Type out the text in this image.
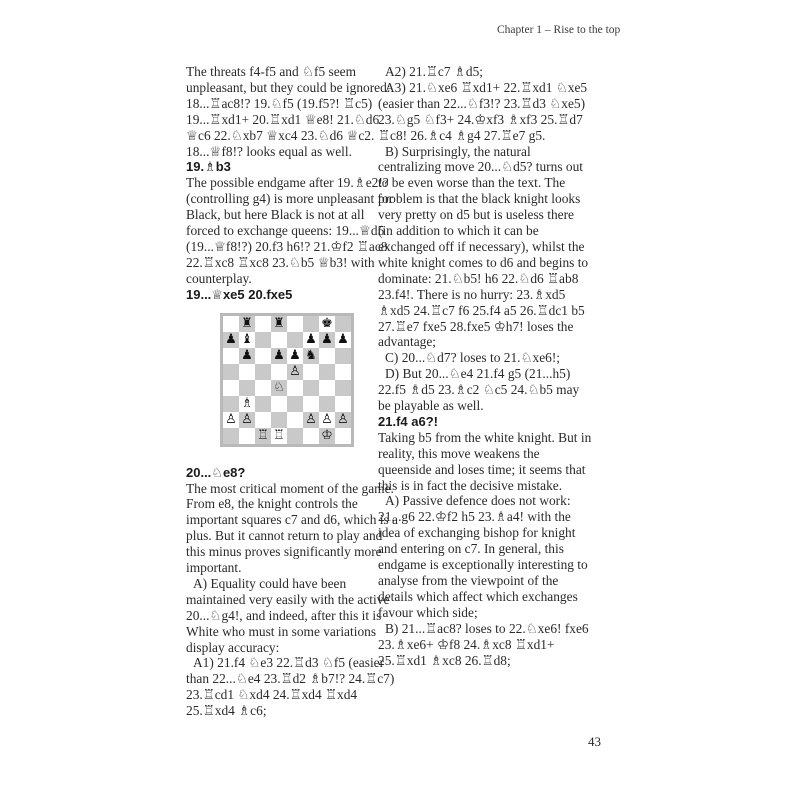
Chapter 1 – Rise to the top

The threats f4-f5 and ♘f5 seem unpleasant, but they could be ignored: 18...♖ac8!? 19.♘f5 (19.f5?! ♖c5) 19...♖xd1+ 20.♖xd1 ♕e8! 21.♘d6 ♕c6 22.♘xb7 ♕xc4 23.♘d6 ♕c2. 18...♕f8!? looks equal as well.

19.♗b3

The possible endgame after 19.♗e2!? (controlling g4) is more unpleasant for Black, but here Black is not at all forced to exchange queens: 19...♕d5 (19...♕f8!?) 20.f3 h6!? 21.♔f2 ♖ac8 22.♖xc8 ♖xc8 23.♘b5 ♕b3! with counterplay.

19...♕xe5 20.fxe5

♜ ♜	♚
♟ ♝	♟ ♟ ♟
♟ ♟ ♟ ♞
♙
♘
♗
♙ ♙	♙ ♙ ♙
♖ ♖	♔

20...♘e8?

The most critical moment of the game. From e8, the knight controls the important squares c7 and d6, which is a plus. But it cannot return to play and this minus proves significantly more important.

A) Equality could have been maintained very easily with the active 20...♘g4!, and indeed, after this it is White who must in some variations display accuracy:

A1) 21.f4 ♘e3 22.♖d3 ♘f5 (easier than 22...♘e4 23.♖d2 ♗b7!? 24.♖c7) 23.♖cd1 ♘xd4 24.♖xd4 ♖xd4 25.♖xd4 ♗c6;

A2) 21.♖c7 ♗d5;

A3) 21.♘xe6 ♖xd1+ 22.♖xd1 ♘xe5 (easier than 22...♘f3!? 23.♖d3 ♘xe5) 23.♘g5 ♘f3+ 24.♔xf3 ♗xf3 25.♖d7 ♖c8! 26.♗c4 ♗g4 27.♖e7 g5.

B) Surprisingly, the natural centralizing move 20...♘d5? turns out to be even worse than the text. The problem is that the black knight looks very pretty on d5 but is useless there (in addition to which it can be exchanged off if necessary), whilst the white knight comes to d6 and begins to dominate: 21.♘b5! h6 22.♘d6 ♖ab8 23.f4!. There is no hurry: 23.♗xd5 ♗xd5 24.♖c7 f6 25.f4 a5 26.♖dc1 b5 27.♖e7 fxe5 28.fxe5 ♔h7! loses the advantage;

C) 20...♘d7? loses to 21.♘xe6!;

D) But 20...♘e4 21.f4 g5 (21...h5) 22.f5 ♗d5 23.♗c2 ♘c5 24.♘b5 may be playable as well.

21.f4 a6?!

Taking b5 from the white knight. But in reality, this move weakens the queenside and loses time; it seems that this is in fact the decisive mistake.

A) Passive defence does not work: 21...g6 22.♔f2 h5 23.♗a4! with the idea of exchanging bishop for knight and entering on c7. In general, this endgame is exceptionally interesting to analyse from the viewpoint of the details which affect which exchanges favour which side;

B) 21...♖ac8? loses to 22.♘xe6! fxe6 23.♗xe6+ ♔f8 24.♗xc8 ♖xd1+ 25.♖xd1 ♗xc8 26.♖d8;

43
